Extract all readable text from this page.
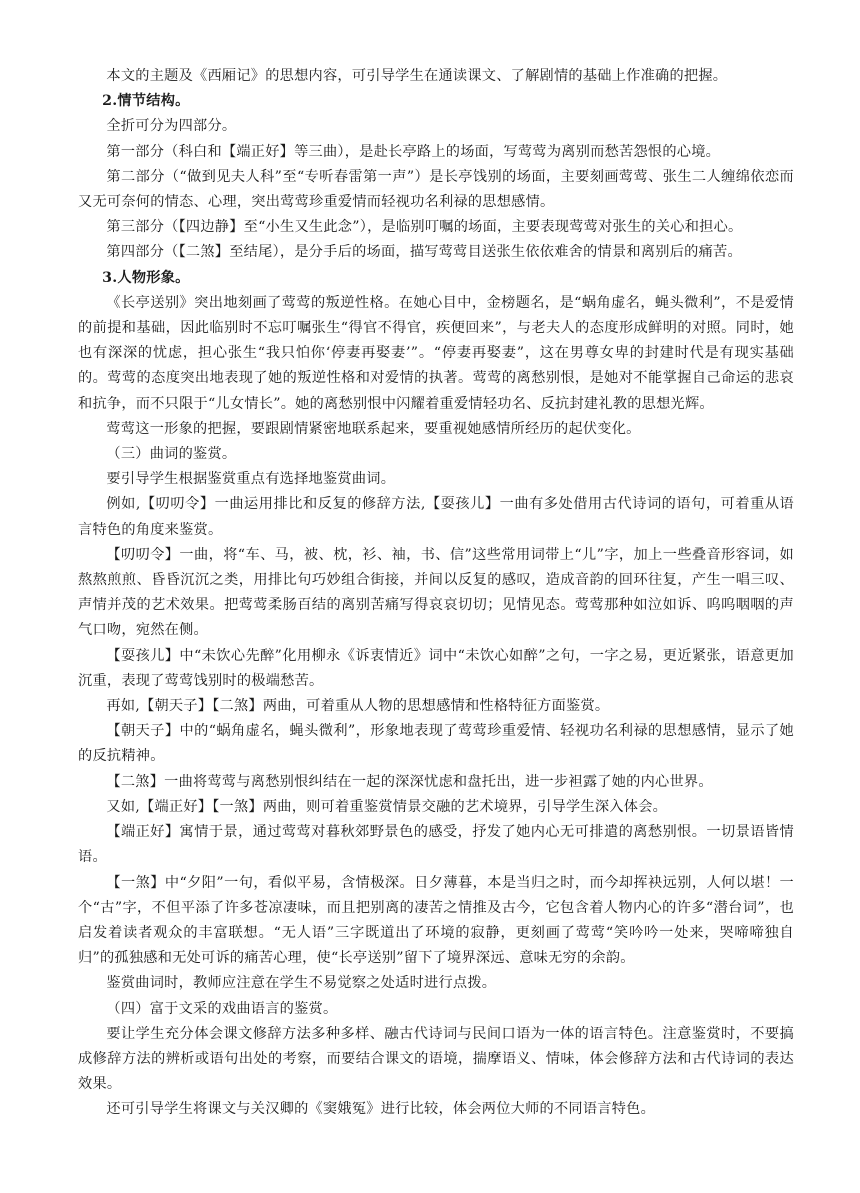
本文的主题及《西厢记》的思想内容，可引导学生在通读课文、了解剧情的基础上作准确的把握。

2.情节结构。

全折可分为四部分。

第一部分（科白和【端正好】等三曲），是赴长亭路上的场面，写莺莺为离别而愁苦怨恨的心境。

第二部分（“做到见夫人科”至“专听春雷第一声”）是长亭饯别的场面，主要刻画莺莺、张生二人缠绵依恋而又无可奈何的情态、心理，突出莺莺珍重爱情而轻视功名利禄的思想感情。

第三部分（【四边静】至“小生又生此念”），是临别叮嘱的场面，主要表现莺莺对张生的关心和担心。

第四部分（【二煞】至结尾），是分手后的场面，描写莺莺目送张生依依难舍的情景和离别后的痛苦。

3.人物形象。

《长亭送别》突出地刻画了莺莺的叛逆性格。在她心目中，金榜题名，是“蜗角虚名，蝇头微利”，不是爱情的前提和基础，因此临别时不忘叮嘱张生“得官不得官，疾便回来”，与老夫人的态度形成鲜明的对照。同时，她也有深深的忧虑，担心张生“我只怕你‘停妻再娶妻’”。“停妻再娶妻”，这在男尊女卑的封建时代是有现实基础的。莺莺的态度突出地表现了她的叛逆性格和对爱情的执著。莺莺的离愁别恨，是她对不能掌握自己命运的悲哀和抗争，而不只限于“儿女情长”。她的离愁别恨中闪耀着重爱情轻功名、反抗封建礼教的思想光辉。

莺莺这一形象的把握，要跟剧情紧密地联系起来，要重视她感情所经历的起伏变化。

（三）曲词的鉴赏。

要引导学生根据鉴赏重点有选择地鉴赏曲词。

例如,【叨叨令】一曲运用排比和反复的修辞方法,【耍孩儿】一曲有多处借用古代诗词的语句，可着重从语言特色的角度来鉴赏。

【叨叨令】一曲，将“车、马，被、枕，衫、袖，书、信”这些常用词带上“儿”字，加上一些叠音形容词，如熬熬煎煎、昏昏沉沉之类，用排比句巧妙组合街接，并间以反复的感叹，造成音韵的回环往复，产生一唱三叹、声情并茂的艺术效果。把莺莺柔肠百结的离别苦痛写得哀哀切切；见情见态。莺莺那种如泣如诉、呜呜咽咽的声气口吻，宛然在侧。

【耍孩儿】中“未饮心先醉”化用柳永《诉衷情近》词中“未饮心如醉”之句，一字之易，更近紧张，语意更加沉重，表现了莺莺饯别时的极端愁苦。

再如,【朝天子】【二煞】两曲，可着重从人物的思想感情和性格特征方面鉴赏。

【朝天子】中的“蜗角虚名，蝇头微利”，形象地表现了莺莺珍重爱情、轻视功名利禄的思想感情，显示了她的反抗精神。

【二煞】一曲将莺莺与离愁别恨纠结在一起的深深忧虑和盘托出，进一步袒露了她的内心世界。

又如,【端正好】【一煞】两曲，则可着重鉴赏情景交融的艺术境界，引导学生深入体会。

【端正好】寓情于景，通过莺莺对暮秋郊野景色的感受，抒发了她内心无可排遣的离愁别恨。一切景语皆情语。

【一煞】中“夕阳”一句，看似平易，含情极深。日夕薄暮，本是当归之时，而今却挥袂远别，人何以堪！一个“古”字，不但平添了许多苍凉凄味，而且把别离的凄苦之情推及古今，它包含着人物内心的许多“潜台词”，也启发着读者观众的丰富联想。“无人语”三字既道出了环境的寂静，更刻画了莺莺“笑吟吟一处来，哭啼啼独自归”的孤独感和无处可诉的痛苦心理，使“长亭送别”留下了境界深远、意味无穷的余韵。

鉴赏曲词时，教师应注意在学生不易觉察之处适时进行点拨。

（四）富于文采的戏曲语言的鉴赏。

要让学生充分体会课文修辞方法多种多样、融古代诗词与民间口语为一体的语言特色。注意鉴赏时，不要搞成修辞方法的辨析或语句出处的考察，而要结合课文的语境，揣摩语义、情味，体会修辞方法和古代诗词的表达效果。

还可引导学生将课文与关汉卿的《窦娥冤》进行比较，体会两位大师的不同语言特色。
